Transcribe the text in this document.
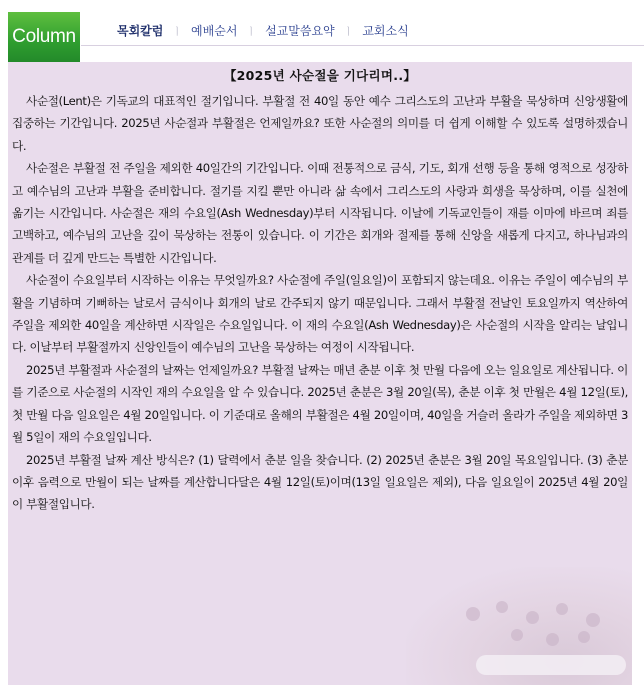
Column	목회칼럼 ㅣ 예배순서 ㅣ 설교말씀요약 ㅣ 교회소식
【2025년 사순절을 기다리며..】

사순절(Lent)은 기독교의 대표적인 절기입니다. 부활절 전 40일 동안 예수 그리스도의 고난과 부활을 묵상하며 신앙생활에 집중하는 기간입니다. 2025년 사순절과 부활절은 언제일까요? 또한 사순절의 의미를 더 쉽게 이해할 수 있도록 설명하겠습니다.

사순절은 부활절 전 주일을 제외한 40일간의 기간입니다. 이때 전통적으로 금식, 기도, 회개 선행 등을 통해 영적으로 성장하고 예수님의 고난과 부활을 준비합니다. 절기를 지킬 뿐만 아니라 삶 속에서 그리스도의 사랑과 희생을 묵상하며, 이를 실천에 옮기는 시간입니다. 사순절은 재의 수요일(Ash Wednesday)부터 시작됩니다. 이날에 기독교인들이 재를 이마에 바르며 죄를 고백하고, 예수님의 고난을 깊이 묵상하는 전통이 있습니다. 이 기간은 회개와 절제를 통해 신앙을 새롭게 다지고, 하나님과의 관계를 더 깊게 만드는 특별한 시간입니다.

사순절이 수요일부터 시작하는 이유는 무엇일까요? 사순절에 주일(일요일)이 포함되지 않는데요. 이유는 주일이 예수님의 부활을 기념하며 기뻐하는 날로서 금식이나 회개의 날로 간주되지 않기 때문입니다. 그래서 부활절 전날인 토요일까지 역산하여 주일을 제외한 40일을 계산하면 시작일은 수요일입니다. 이 재의 수요일(Ash Wednesday)은 사순절의 시작을 알리는 날입니다. 이날부터 부활절까지 신앙인들이 예수님의 고난을 묵상하는 여정이 시작됩니다.

2025년 부활절과 사순절의 날짜는 언제일까요? 부활절 날짜는 매년 춘분 이후 첫 만월 다음에 오는 일요일로 계산됩니다. 이를 기준으로 사순절의 시작인 재의 수요일을 알 수 있습니다. 2025년 춘분은 3월 20일(목), 춘분 이후 첫 만월은 4월 12일(토), 첫 만월 다음 일요일은 4월 20일입니다. 이 기준대로 올해의 부활절은 4월 20일이며, 40일을 거슬러 올라가 주일을 제외하면 3월 5일이 재의 수요일입니다.

2025년 부활절 날짜 계산 방식은? (1) 달력에서 춘분 일을 찾습니다. (2) 2025년 춘분은 3월 20일 목요일입니다. (3) 춘분 이후 음력으로 만월이 되는 날짜를 계산합니다달은 4월 12일(토)이며(13일 일요일은 제외), 다음 일요일이 2025년 4월 20일이 부활절입니다.
